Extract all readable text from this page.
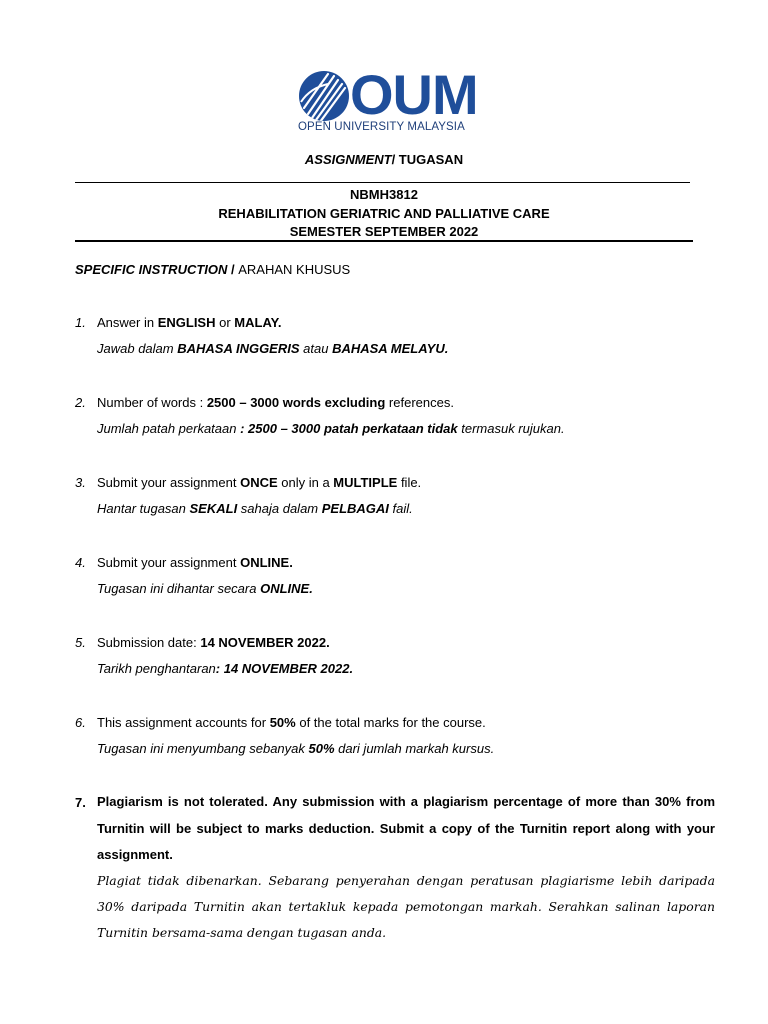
OUM
OPEN UNIVERSITY MALAYSIA
ASSIGNMENT/ TUGASAN
NBMH3812
REHABILITATION GERIATRIC AND PALLIATIVE CARE
SEMESTER SEPTEMBER 2022
SPECIFIC INSTRUCTION / ARAHAN KHUSUS
1. Answer in ENGLISH or MALAY.
Jawab dalam BAHASA INGGERIS atau BAHASA MELAYU.
2. Number of words : 2500 – 3000 words excluding references.
Jumlah patah perkataan : 2500 – 3000 patah perkataan tidak termasuk rujukan.
3. Submit your assignment ONCE only in a MULTIPLE file.
Hantar tugasan SEKALI sahaja dalam PELBAGAI fail.
4. Submit your assignment ONLINE.
Tugasan ini dihantar secara ONLINE.
5. Submission date: 14 NOVEMBER 2022.
Tarikh penghantaran: 14 NOVEMBER 2022.
6. This assignment accounts for 50% of the total marks for the course.
Tugasan ini menyumbang sebanyak 50% dari jumlah markah kursus.
7. Plagiarism is not tolerated. Any submission with a plagiarism percentage of more than 30% from Turnitin will be subject to marks deduction. Submit a copy of the Turnitin report along with your assignment.
Plagiat tidak dibenarkan. Sebarang penyerahan dengan peratusan plagiarisme lebih daripada 30% daripada Turnitin akan tertakluk kepada pemotongan markah. Serahkan salinan laporan Turnitin bersama-sama dengan tugasan anda.
